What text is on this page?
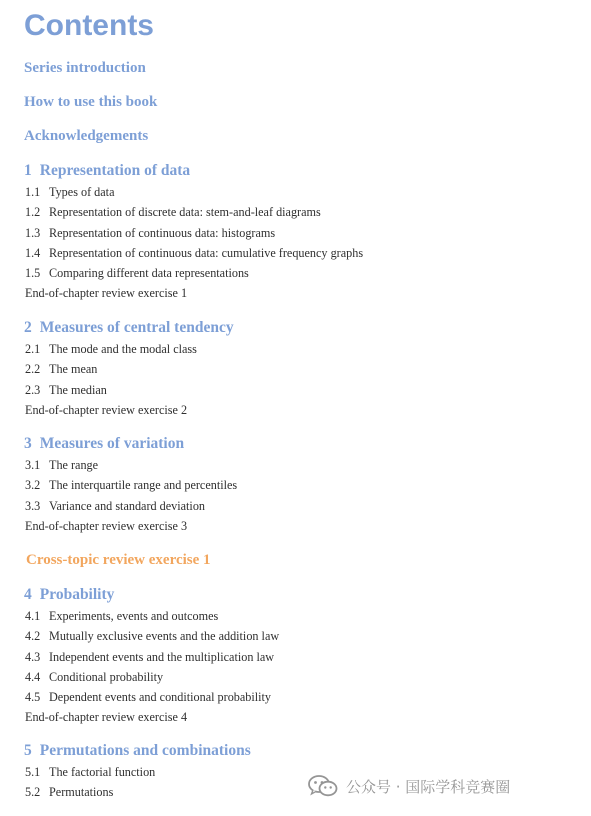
Contents
Series introduction
How to use this book
Acknowledgements
1 Representation of data
1.1 Types of data
1.2 Representation of discrete data: stem-and-leaf diagrams
1.3 Representation of continuous data: histograms
1.4 Representation of continuous data: cumulative frequency graphs
1.5 Comparing different data representations
End-of-chapter review exercise 1
2 Measures of central tendency
2.1 The mode and the modal class
2.2 The mean
2.3 The median
End-of-chapter review exercise 2
3 Measures of variation
3.1 The range
3.2 The interquartile range and percentiles
3.3 Variance and standard deviation
End-of-chapter review exercise 3
Cross-topic review exercise 1
4 Probability
4.1 Experiments, events and outcomes
4.2 Mutually exclusive events and the addition law
4.3 Independent events and the multiplication law
4.4 Conditional probability
4.5 Dependent events and conditional probability
End-of-chapter review exercise 4
5 Permutations and combinations
5.1 The factorial function
5.2 Permutations	公众号 · 国际学科竞赛圈
